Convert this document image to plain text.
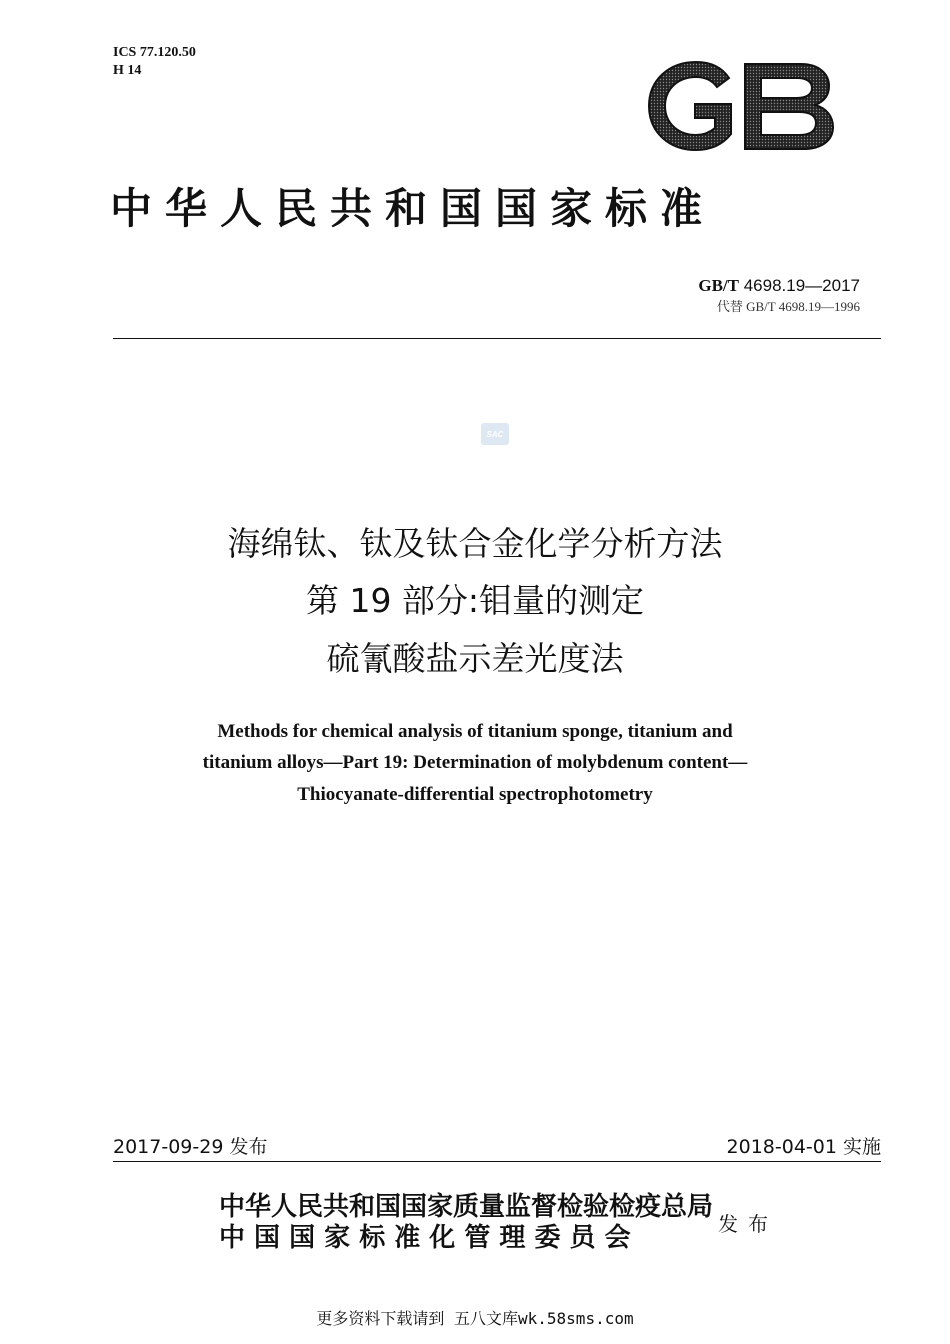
ICS 77.120.50
H 14
中华人民共和国国家标准
GB/T 4698.19—2017
代替 GB/T 4698.19—1996
SAC
海绵钛、钛及钛合金化学分析方法
第 19 部分:钼量的测定
硫氰酸盐示差光度法
Methods for chemical analysis of titanium sponge, titanium and
titanium alloys—Part 19: Determination of molybdenum content—
Thiocyanate-differential spectrophotometry
2017-09-29 发布	2018-04-01 实施
中华人民共和国国家质量监督检验检疫总局
中 国 国 家 标 准 化 管 理 委 员 会	发布
更多资料下载请到 五八文库wk.58sms.com
